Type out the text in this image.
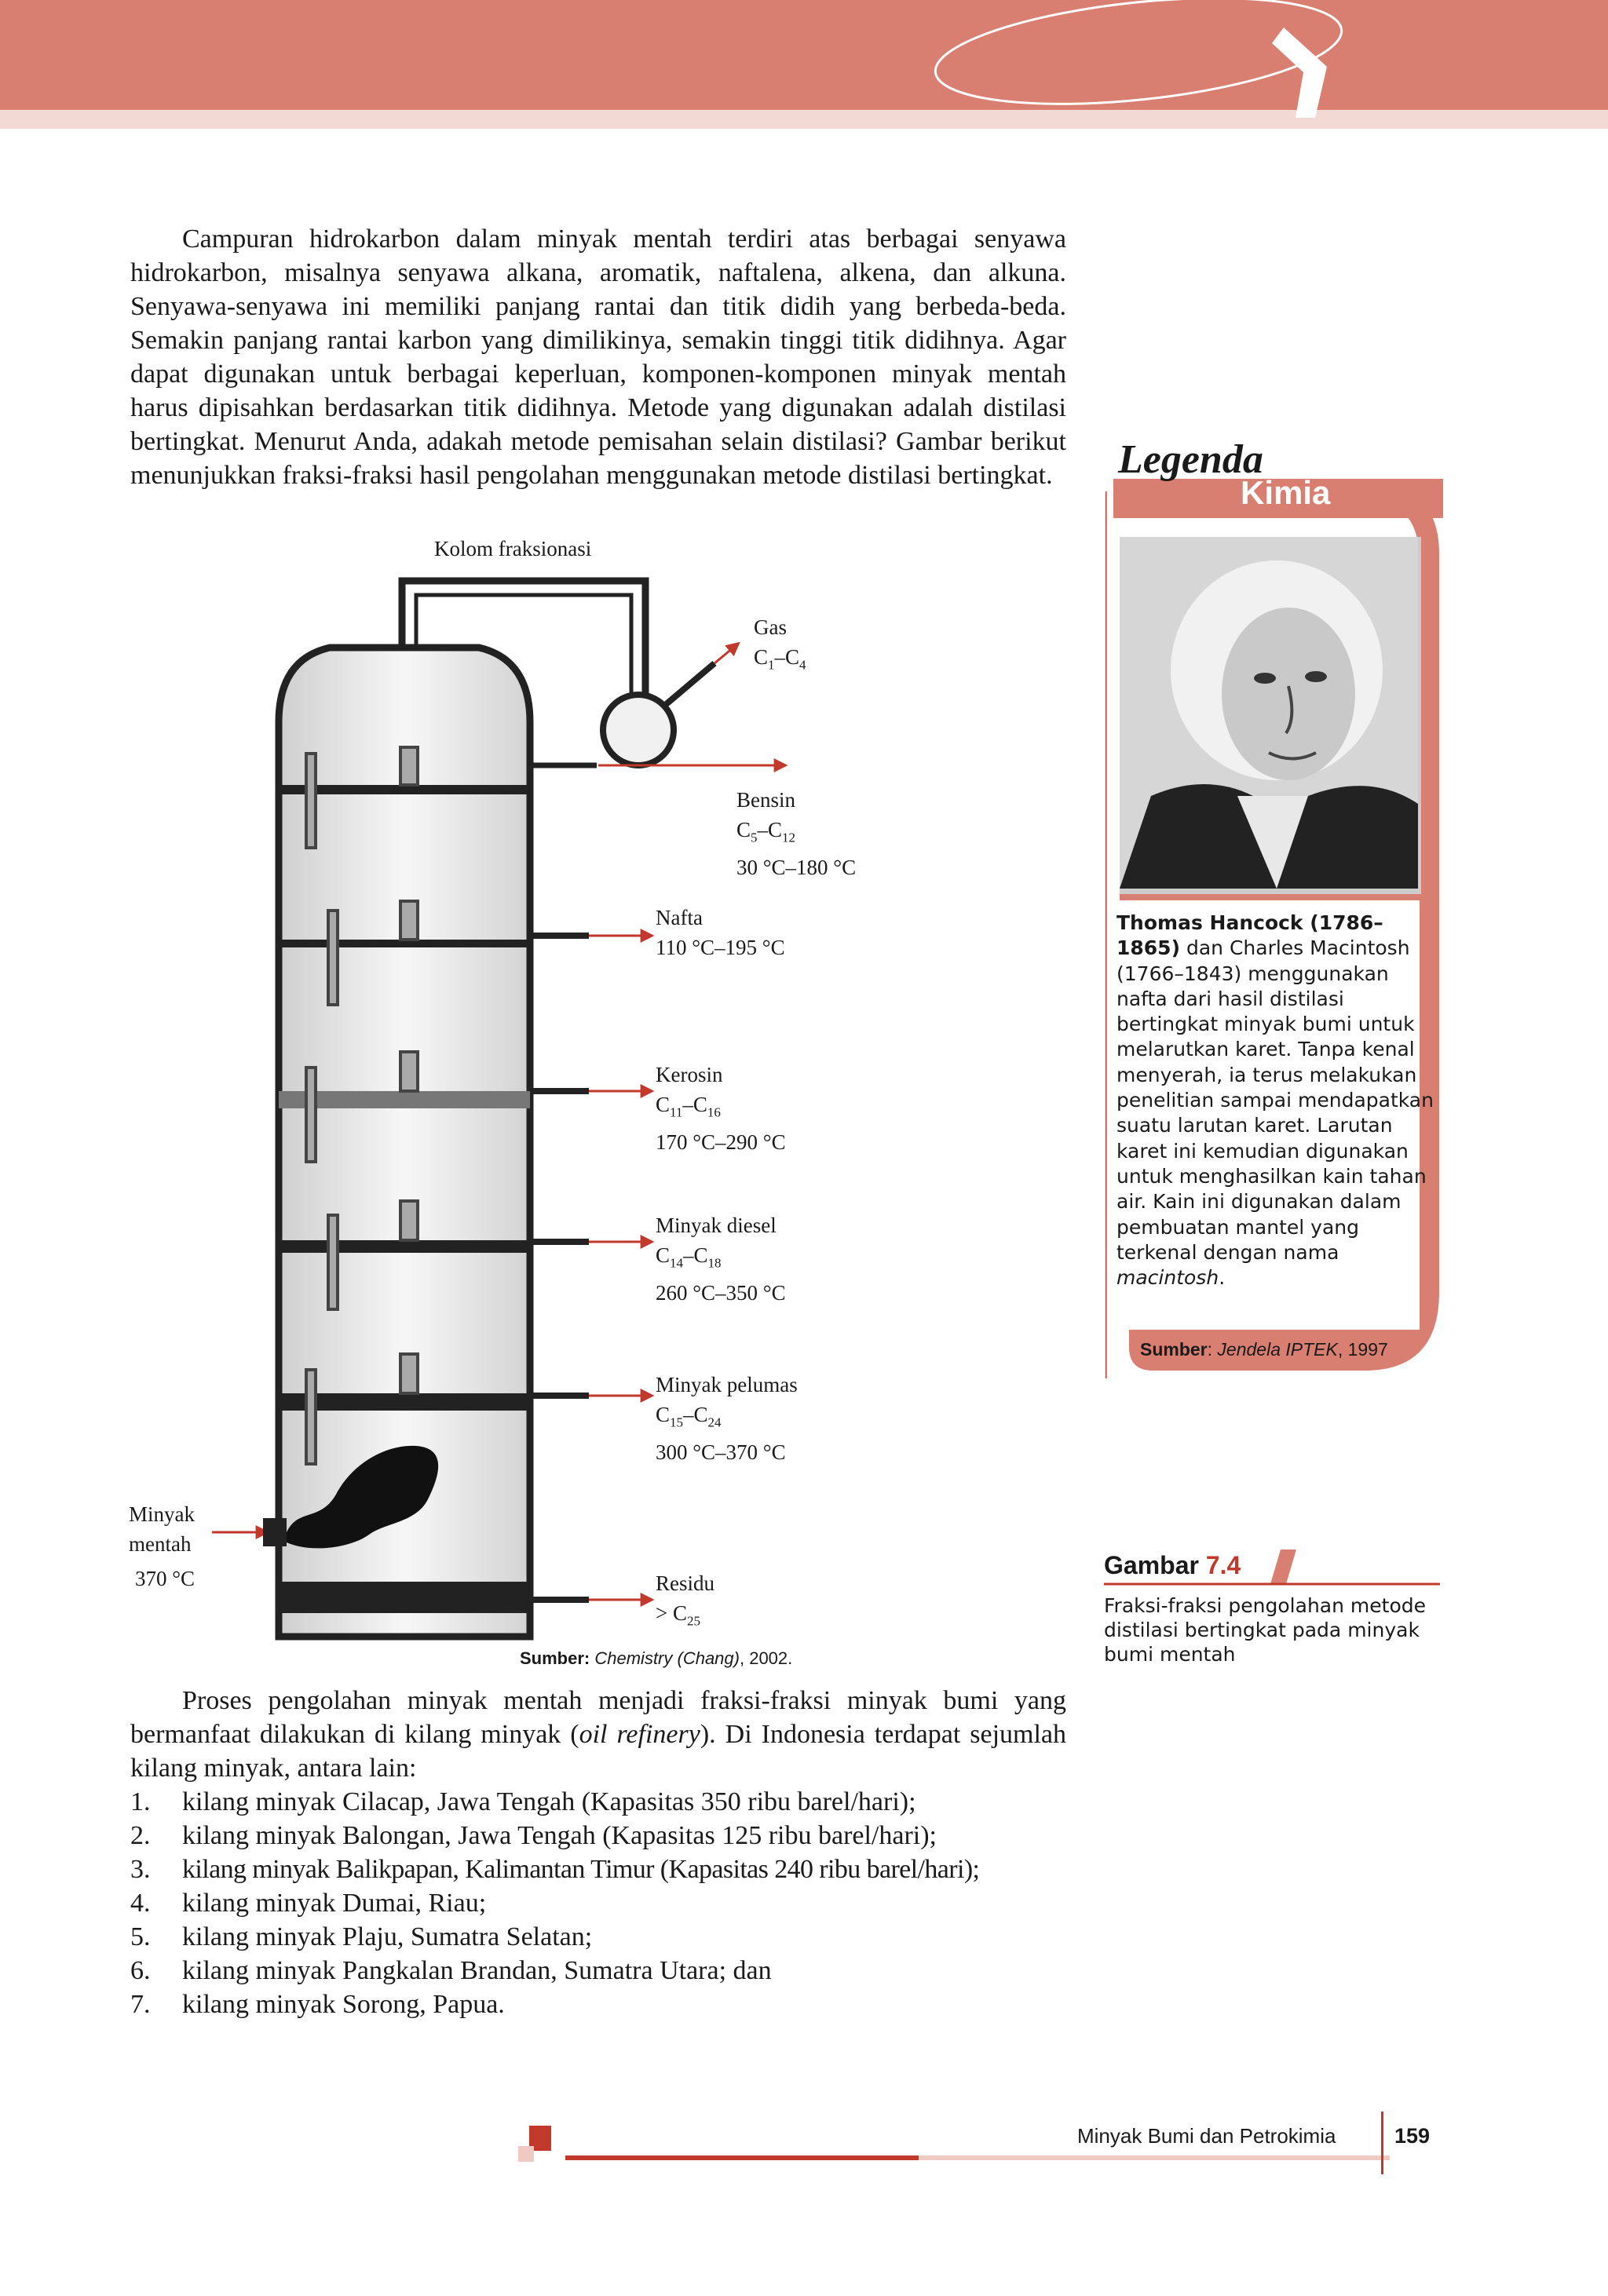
Campuran hidrokarbon dalam minyak mentah terdiri atas berbagai senyawa hidrokarbon, misalnya senyawa alkana, aromatik, naftalena, alkena, dan alkuna. Senyawa-senyawa ini memiliki panjang rantai dan titik didih yang berbeda-beda. Semakin panjang rantai karbon yang dimilikinya, semakin tinggi titik didihnya. Agar dapat digunakan untuk berbagai keperluan, komponen-komponen minyak mentah harus dipisahkan berdasarkan titik didihnya. Metode yang digunakan adalah distilasi bertingkat. Menurut Anda, adakah metode pemisahan selain distilasi? Gambar berikut menunjukkan fraksi-fraksi hasil pengolahan menggunakan metode distilasi bertingkat.

Kolom fraksionasi
Gas
$C_1-C_4$
Bensin
$C_5-C_{12}$
30 °C–180 °C
Nafta
110 °C–195 °C
Kerosin
$C_{11}-C_{16}$
170 °C–290 °C
Minyak diesel
$C_{14}-C_{18}$
260 °C–350 °C
Minyak pelumas
$C_{15}-C_{24}$
300 °C–370 °C
Residu
> $C_{25}$
Minyak
mentah
370 °C
Sumber: Chemistry (Chang), 2002.

Proses pengolahan minyak mentah menjadi fraksi-fraksi minyak bumi yang bermanfaat dilakukan di kilang minyak (oil refinery). Di Indonesia terdapat sejumlah kilang minyak, antara lain:

1.	kilang minyak Cilacap, Jawa Tengah (Kapasitas 350 ribu barel/hari);
2.	kilang minyak Balongan, Jawa Tengah (Kapasitas 125 ribu barel/hari);
3.	kilang minyak Balikpapan, Kalimantan Timur (Kapasitas 240 ribu barel/hari);
4.	kilang minyak Dumai, Riau;
5.	kilang minyak Plaju, Sumatra Selatan;
6.	kilang minyak Pangkalan Brandan, Sumatra Utara; dan
7.	kilang minyak Sorong, Papua.
Legenda
Kimia
Thomas Hancock (1786–1865) dan Charles Macintosh (1766–1843) menggunakan nafta dari hasil distilasi bertingkat minyak bumi untuk melarutkan karet. Tanpa kenal menyerah, ia terus melakukan penelitian sampai mendapatkan suatu larutan karet. Larutan karet ini kemudian digunakan untuk menghasilkan kain tahan air. Kain ini digunakan dalam pembuatan mantel yang terkenal dengan nama macintosh.
Sumber: Jendela IPTEK, 1997
Gambar 7.4
Fraksi-fraksi pengolahan metode distilasi bertingkat pada minyak bumi mentah
Minyak Bumi dan Petrokimia	159
